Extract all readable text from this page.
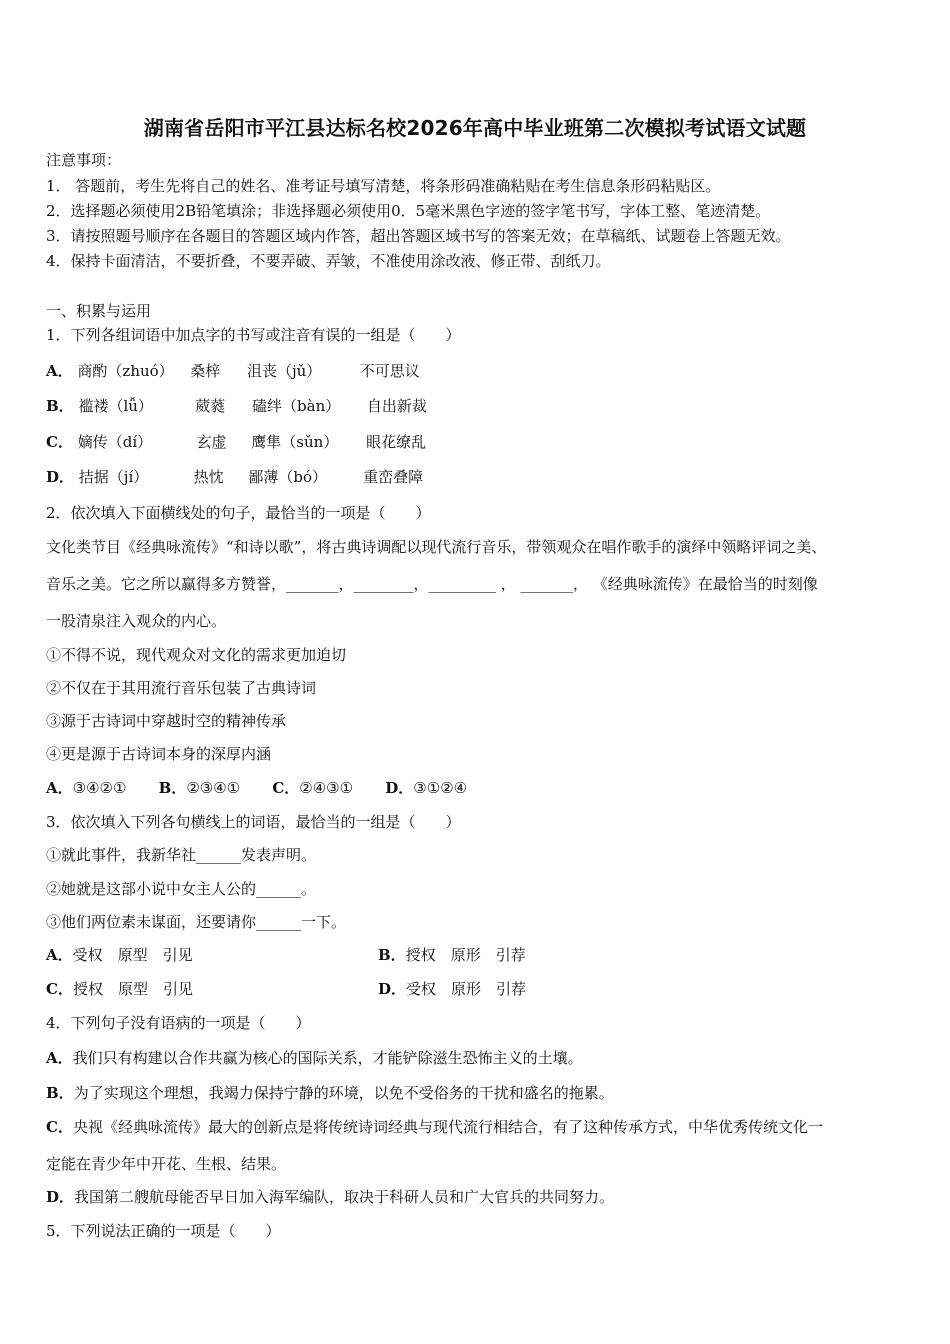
湖南省岳阳市平江县达标名校2026年高中毕业班第二次模拟考试语文试题
注意事项：
1． 答题前，考生先将自己的姓名、准考证号填写清楚，将条形码准确粘贴在考生信息条形码粘贴区。
2．选择题必须使用2B铅笔填涂；非选择题必须使用0．5毫米黑色字迹的签字笔书写，字体工整、笔迹清楚。
3．请按照题号顺序在各题目的答题区域内作答，超出答题区域书写的答案无效；在草稿纸、试题卷上答题无效。
4．保持卡面清洁，不要折叠，不要弄破、弄皱，不准使用涂改液、修正带、刮纸刀。
一、积累与运用
1．下列各组词语中加点字的书写或注音有误的一组是（　　）
A． 商酌（zhuó） 桑梓 沮丧（jǔ）	不可思议
B． 褴褛（lǚ）	葳蕤 磕绊（bàn） 自出新裁
C． 嫡传（dí）	玄虚 鹰隼（sǔn） 眼花缭乱
D． 拮据（jí）	热忱 鄙薄（bó） 重峦叠障
2．依次填入下面横线处的句子，最恰当的一项是（　　）
文化类节目《经典咏流传》“和诗以歌”，将古典诗调配以现代流行音乐，带领观众在唱作歌手的演绎中领略评词之美、
音乐之美。它之所以赢得多方赞誉，_______，________，_________ ， _______， 《经典咏流传》在最恰当的时刻像
一股清泉注入观众的内心。
①不得不说，现代观众对文化的需求更加迫切
②不仅在于其用流行音乐包装了古典诗词
③源于古诗词中穿越时空的精神传承
④更是源于古诗词本身的深厚内涵
A．③④②① B．②③④① C．②④③① D．③①②④
3．依次填入下列各句横线上的词语，最恰当的一组是（　　）
①就此事件，我新华社______发表声明。
②她就是这部小说中女主人公的______。
③他们两位素未谋面，还要请你______一下。
A．受权　原型　引见	B．授权　原形　引荐
C．授权　原型　引见	D．受权　原形　引荐
4．下列句子没有语病的一项是（　　）
A．我们只有构建以合作共赢为核心的国际关系，才能铲除滋生恐怖主义的土壤。
B．为了实现这个理想，我竭力保持宁静的环境，以免不受俗务的干扰和盛名的拖累。
C．央视《经典咏流传》最大的创新点是将传统诗词经典与现代流行相结合，有了这种传承方式，中华优秀传统文化一
定能在青少年中开花、生根、结果。
D．我国第二艘航母能否早日加入海军编队，取决于科研人员和广大官兵的共同努力。
5．下列说法正确的一项是（　　）
